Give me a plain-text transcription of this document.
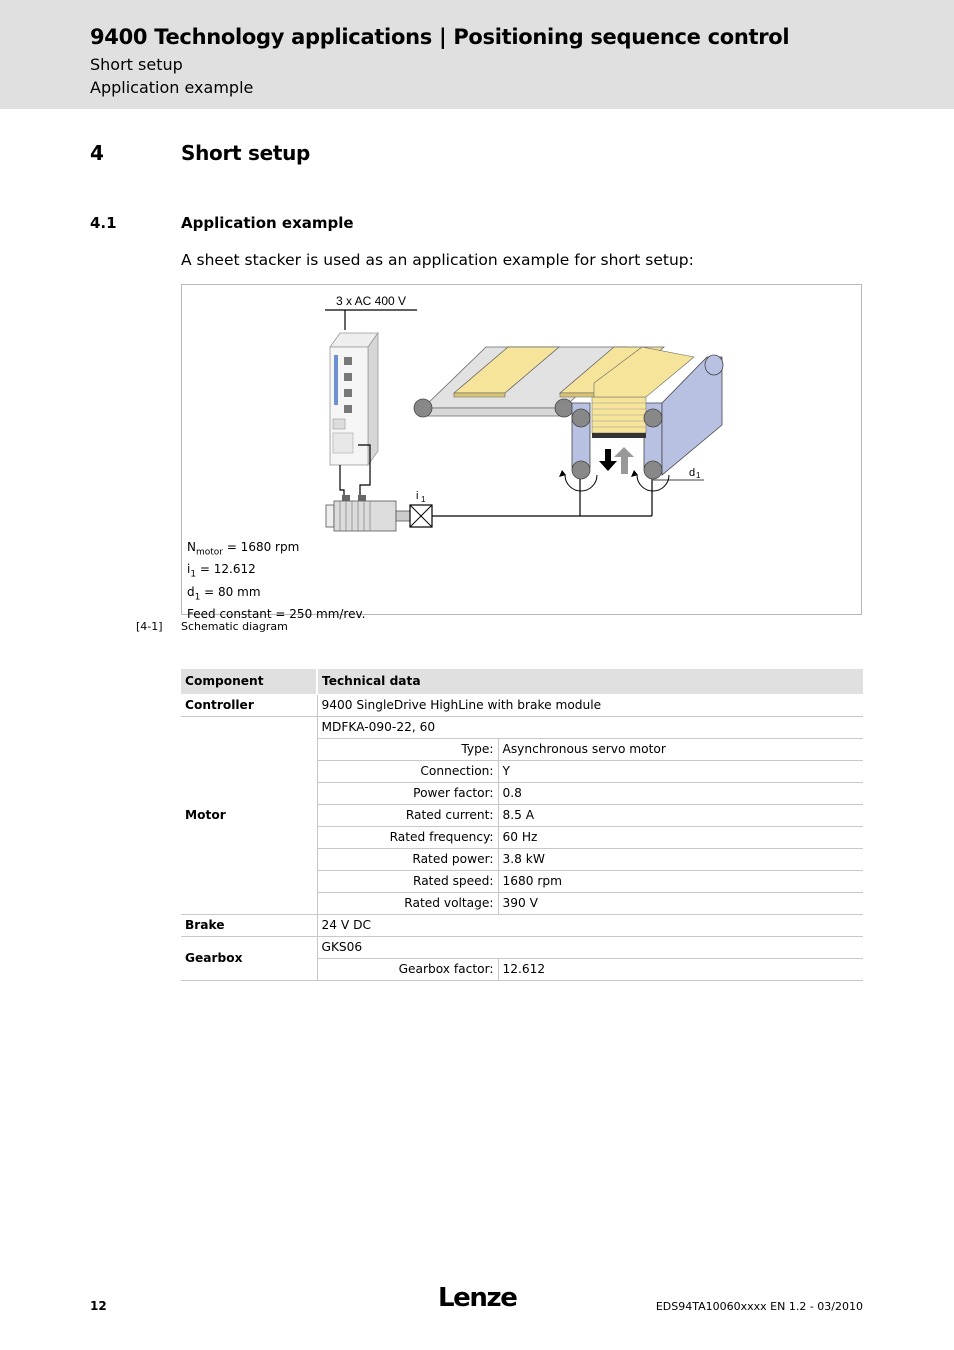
9400 Technology applications | Positioning sequence control
Short setup
Application example
4	Short setup
4.1	Application example
A sheet stacker is used as an application example for short setup:
3 x AC 400 V
i 1
d 1
$N_{motor} = 1680$ rpm
$i_1 = 12.612$
$d_1 = 80$ mm
Feed constant = 250 mm/rev.
[4-1] Schematic diagram
Component	Technical data	
Controller	9400 SingleDrive HighLine with brake module	
Motor	MDFKA-090-22, 60	
	Type:	Asynchronous servo motor
	Connection:	Y
	Power factor:	0.8
	Rated current:	8.5 A
	Rated frequency:	60 Hz
	Rated power:	3.8 kW
	Rated speed:	1680 rpm
	Rated voltage:	390 V
Brake	24 V DC	
Gearbox	GKS06	
	Gearbox factor:	12.612
12	Lenze	EDS94TA10060xxxx EN 1.2 - 03/2010
